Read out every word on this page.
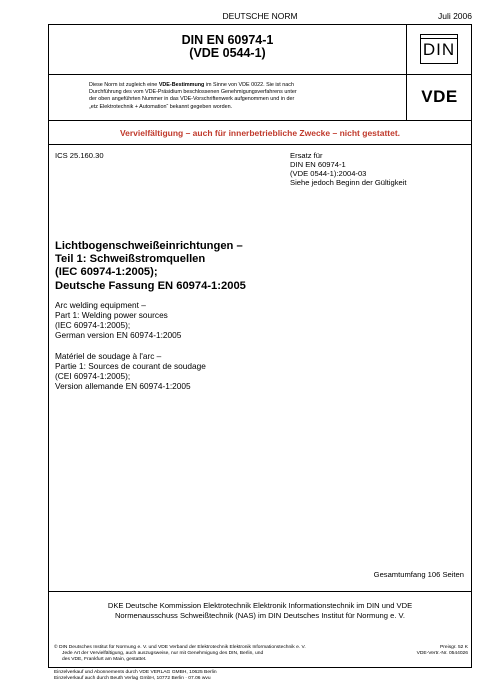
DEUTSCHE NORM	Juli 2006
DIN EN 60974-1
(VDE 0544-1)	DIN
Diese Norm ist zugleich eine VDE-Bestimmung im Sinne von VDE 0022. Sie ist nach
Durchführung des vom VDE-Präsidium beschlossenen Genehmigungsverfahrens unter
der oben angeführten Nummer in das VDE-Vorschriftenwerk aufgenommen und in der
„etz Elektrotechnik + Automation“ bekannt gegeben worden.
VDE
Vervielfältigung – auch für innerbetriebliche Zwecke – nicht gestattet.
ICS 25.160.30	Ersatz für
DIN EN 60974-1
(VDE 0544-1):2004-03
Siehe jedoch Beginn der Gültigkeit
Lichtbogenschweißeinrichtungen –
Teil 1: Schweißstromquellen
(IEC 60974-1:2005);
Deutsche Fassung EN 60974-1:2005
Arc welding equipment –
Part 1: Welding power sources
(IEC 60974-1:2005);
German version EN 60974-1:2005
Matériel de soudage à l'arc –
Partie 1: Sources de courant de soudage
(CEI 60974-1:2005);
Version allemande EN 60974-1:2005
Gesamtumfang 106 Seiten
DKE Deutsche Kommission Elektrotechnik Elektronik Informationstechnik im DIN und VDE
Normenausschuss Schweißtechnik (NAS) im DIN Deutsches Institut für Normung e. V.
© DIN Deutsches Institut für Normung e. V. und VDE Verband der Elektrotechnik Elektronik Informationstechnik e. V.
Jede Art der Vervielfältigung, auch auszugsweise, nur mit Genehmigung des DIN, Berlin, und
des VDE, Frankfurt am Main, gestattet.
Einzelverkauf und Abonnements durch VDE VERLAG GMBH, 10625 Berlin
Einzelverkauf auch durch Beuth Verlag GmbH, 10772 Berlin · 07.06 wvu
Preisgr. 52 K
VDE-Vertr.-Nr. 0544026
